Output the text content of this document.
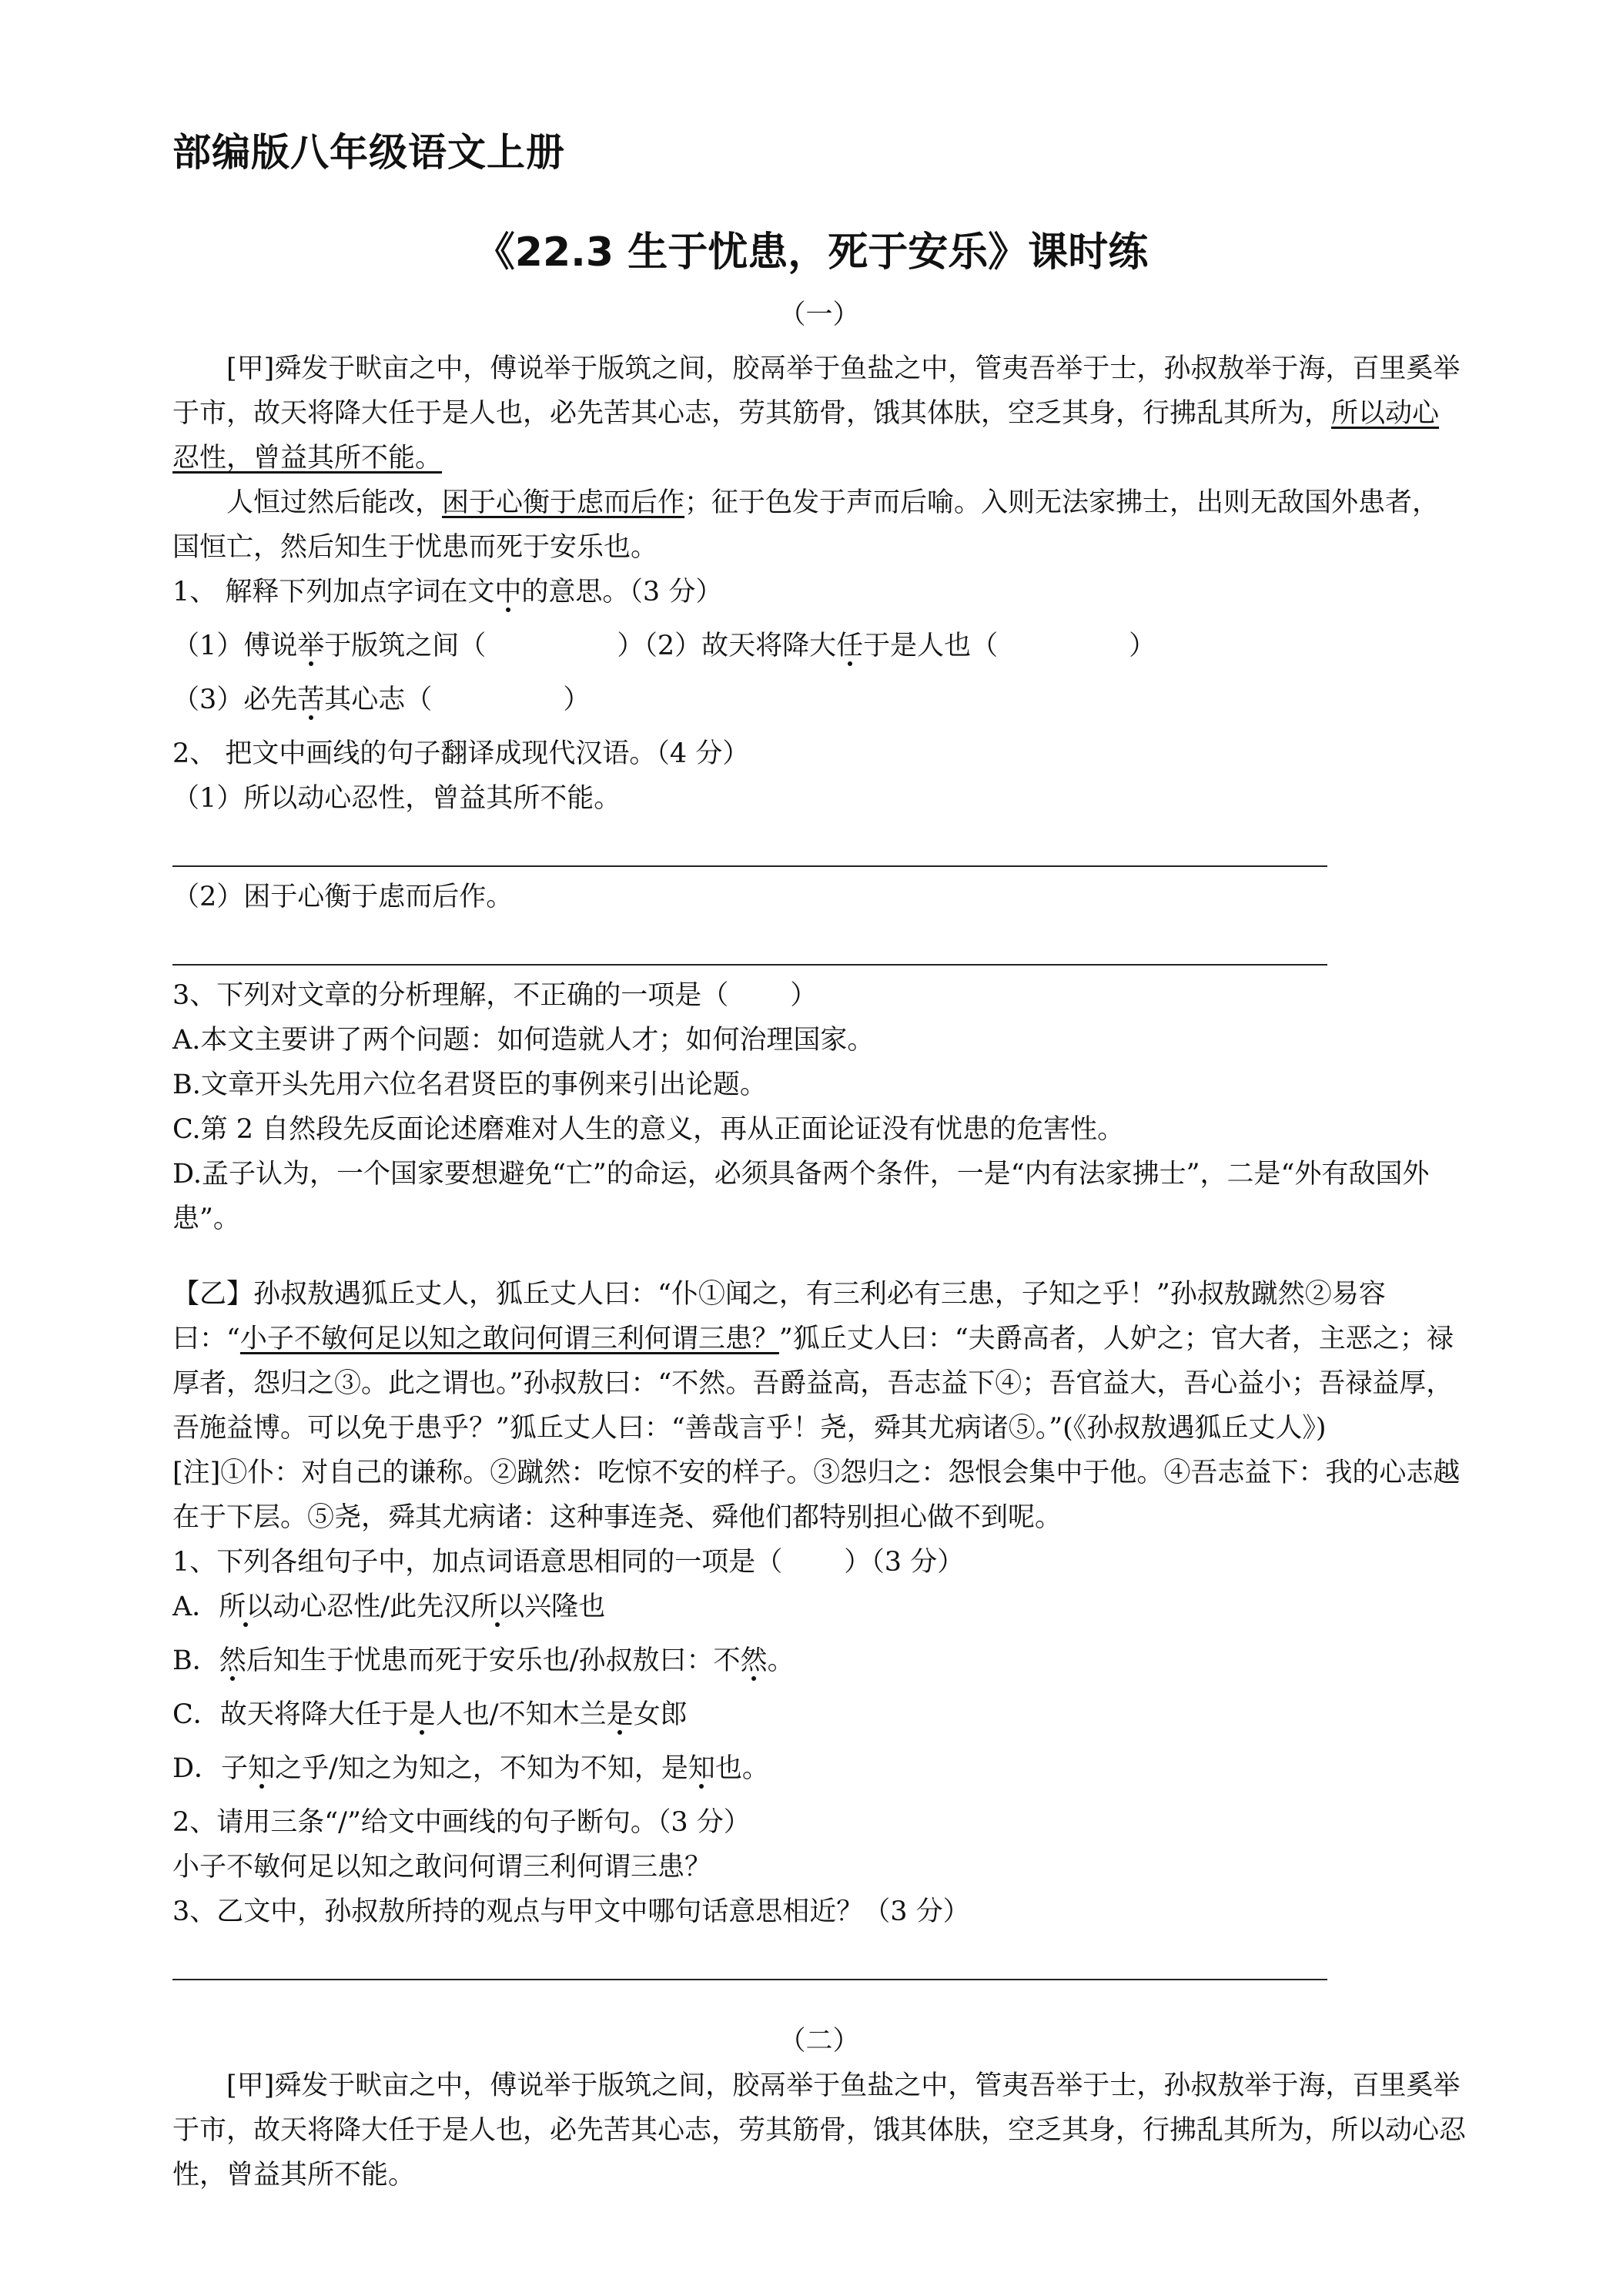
部编版八年级语文上册
《22.3 生于忧患，死于安乐》课时练

（一）

[甲]舜发于畎亩之中，傅说举于版筑之间，胶鬲举于鱼盐之中，管夷吾举于士，孙叔敖举于海，百里奚举于市，故天将降大任于是人也，必先苦其心志，劳其筋骨，饿其体肤，空乏其身，行拂乱其所为，所以动心忍性，曾益其所不能。

人恒过然后能改，困于心衡于虑而后作；征于色发于声而后喻。入则无法家拂士，出则无敌国外患者，国恒亡，然后知生于忧患而死于安乐也。

1、 解释下列加点字词在文中的意思。（3 分）

（1）傅说举于版筑之间（	）（2）故天将降大任于是人也（	）

（3）必先苦其心志（	）

2、 把文中画线的句子翻译成现代汉语。（4 分）

（1）所以动心忍性，曾益其所不能。

（2）困于心衡于虑而后作。

3、下列对文章的分析理解，不正确的一项是（ ）

A.本文主要讲了两个问题：如何造就人才；如何治理国家。

B.文章开头先用六位名君贤臣的事例来引出论题。

C.第 2 自然段先反面论述磨难对人生的意义，再从正面论证没有忧患的危害性。

D.孟子认为，一个国家要想避免“亡”的命运，必须具备两个条件，一是“内有法家拂士”，二是“外有敌国外患”。

【乙】孙叔敖遇狐丘丈人，狐丘丈人曰：“仆①闻之，有三利必有三患，子知之乎！”孙叔敖蹴然②易容曰：“小子不敏何足以知之敢问何谓三利何谓三患？”狐丘丈人曰：“夫爵高者，人妒之；官大者，主恶之；禄厚者，怨归之③。此之谓也。”孙叔敖曰：“不然。吾爵益高，吾志益下④；吾官益大，吾心益小；吾禄益厚，吾施益博。可以免于患乎？”狐丘丈人曰：“善哉言乎！尧，舜其尤病诸⑤。”(《孙叔敖遇狐丘丈人》)

[注]①仆：对自己的谦称。②蹴然：吃惊不安的样子。③怨归之：怨恨会集中于他。④吾志益下：我的心志越在于下层。⑤尧，舜其尤病诸：这种事连尧、舜他们都特别担心做不到呢。

1、下列各组句子中，加点词语意思相同的一项是（ ）（3 分）

A．所以动心忍性/此先汉所以兴隆也

B．然后知生于忧患而死于安乐也/孙叔敖曰：不然。

C．故天将降大任于是人也/不知木兰是女郎

D．子知之乎/知之为知之，不知为不知，是知也。

2、请用三条“/”给文中画线的句子断句。（3 分）

小子不敏何足以知之敢问何谓三利何谓三患？

3、乙文中，孙叔敖所持的观点与甲文中哪句话意思相近？（3 分）

（二）

[甲]舜发于畎亩之中，傅说举于版筑之间，胶鬲举于鱼盐之中，管夷吾举于士，孙叔敖举于海，百里奚举于市，故天将降大任于是人也，必先苦其心志，劳其筋骨，饿其体肤，空乏其身，行拂乱其所为，所以动心忍性，曾益其所不能。
